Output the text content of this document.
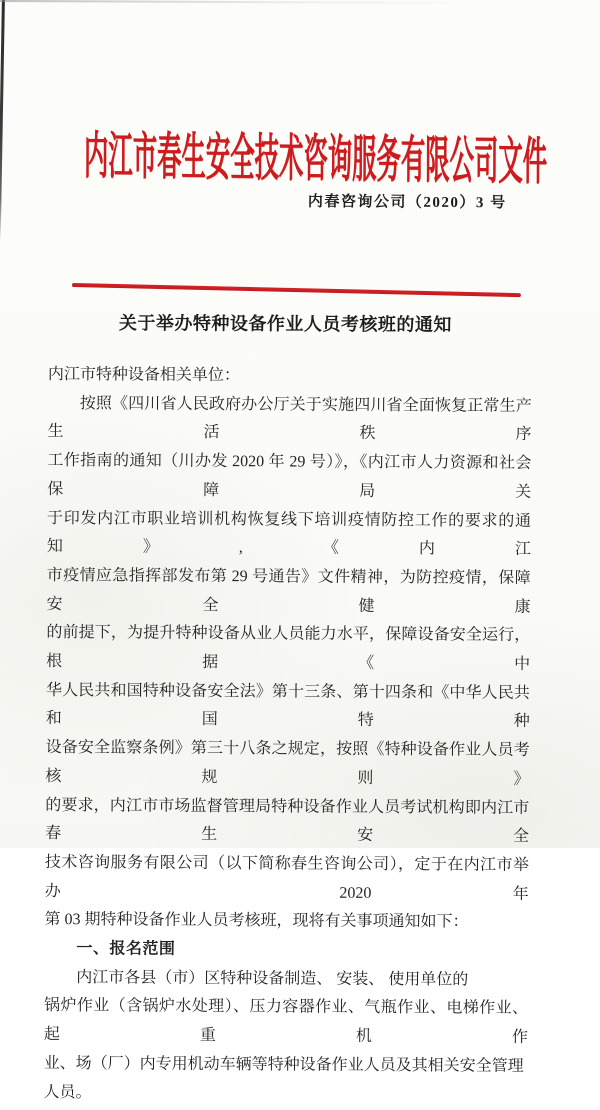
内江市春生安全技术咨询服务有限公司文件
内春咨询公司（2020）3 号
关于举办特种设备作业人员考核班的通知
内江市特种设备相关单位：
按照《四川省人民政府办公厅关于实施四川省全面恢复正常生产生活秩序
工作指南的通知（川办发 2020 年 29 号）》，《内江市人力资源和社会保障局关
于印发内江市职业培训机构恢复线下培训疫情防控工作的要求的通知》,《内江
市疫情应急指挥部发布第 29 号通告》文件精神，为防控疫情，保障安全健康
的前提下，为提升特种设备从业人员能力水平，保障设备安全运行，根据《中
华人民共和国特种设备安全法》第十三条、第十四条和《中华人民共和国特种
设备安全监察条例》第三十八条之规定，按照《特种设备作业人员考核规则》
的要求，内江市市场监督管理局特种设备作业人员考试机构即内江市春生安全
技术咨询服务有限公司（以下简称春生咨询公司），定于在内江市举办 2020 年
第 03 期特种设备作业人员考核班，现将有关事项通知如下：
一、报名范围
内江市各县（市）区特种设备制造、 安装、 使用单位的
锅炉作业（含锅炉水处理）、压力容器作业、气瓶作业、电梯作业、起重机作
业、场（厂）内专用机动车辆等特种设备作业人员及其相关安全管理人员。
